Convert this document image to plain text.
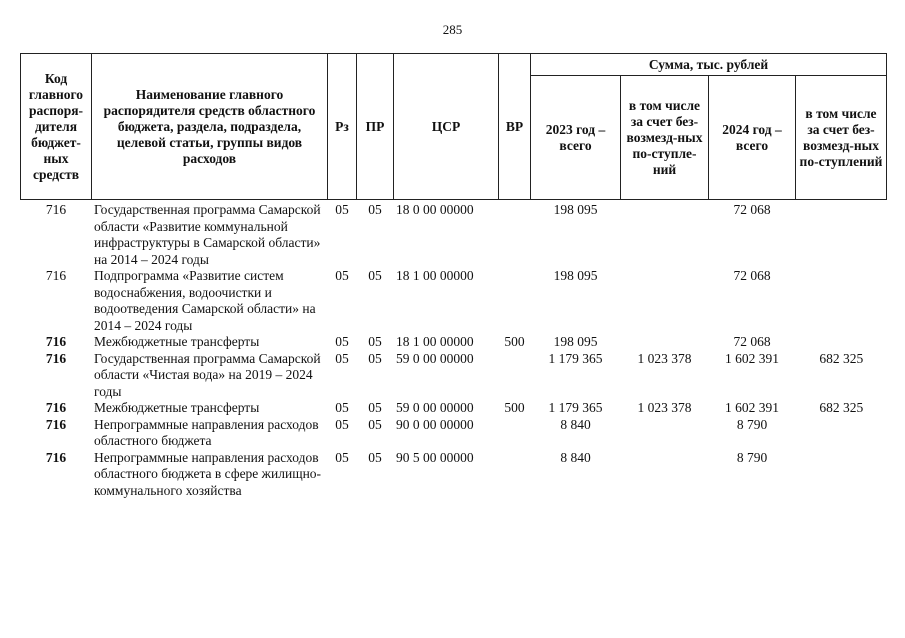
285
Код главного распоря-дителя бюджет-ных средств	Наименование главного распорядителя средств областного бюджета, раздела, подраздела, целевой статьи, группы видов расходов	Рз	ПР	ЦСР	ВР	Сумма, тыс. рублей			
						2023 год – всего	в том числе за счет без-возмезд-ных по-ступле-ний	2024 год – всего	в том числе за счет без-возмезд-ных по-ступлений
716	Государственная программа Самарской области «Развитие коммунальной инфраструктуры в Самарской области» на 2014 – 2024 годы	05	05	18 0 00 00000		198 095		72 068	
716	Подпрограмма «Развитие систем водоснабжения, водоочистки и водоотведения Самарской области» на 2014 – 2024 годы	05	05	18 1 00 00000		198 095		72 068	
716	Межбюджетные трансферты	05	05	18 1 00 00000	500	198 095		72 068	
716	Государственная программа Самарской области «Чистая вода» на 2019 – 2024 годы	05	05	59 0 00 00000		1 179 365	1 023 378	1 602 391	682 325
716	Межбюджетные трансферты	05	05	59 0 00 00000	500	1 179 365	1 023 378	1 602 391	682 325
716	Непрограммные направления расходов областного бюджета	05	05	90 0 00 00000		8 840		8 790	
716	Непрограммные направления расходов областного бюджета в сфере жилищно-коммунального хозяйства	05	05	90 5 00 00000		8 840		8 790	
